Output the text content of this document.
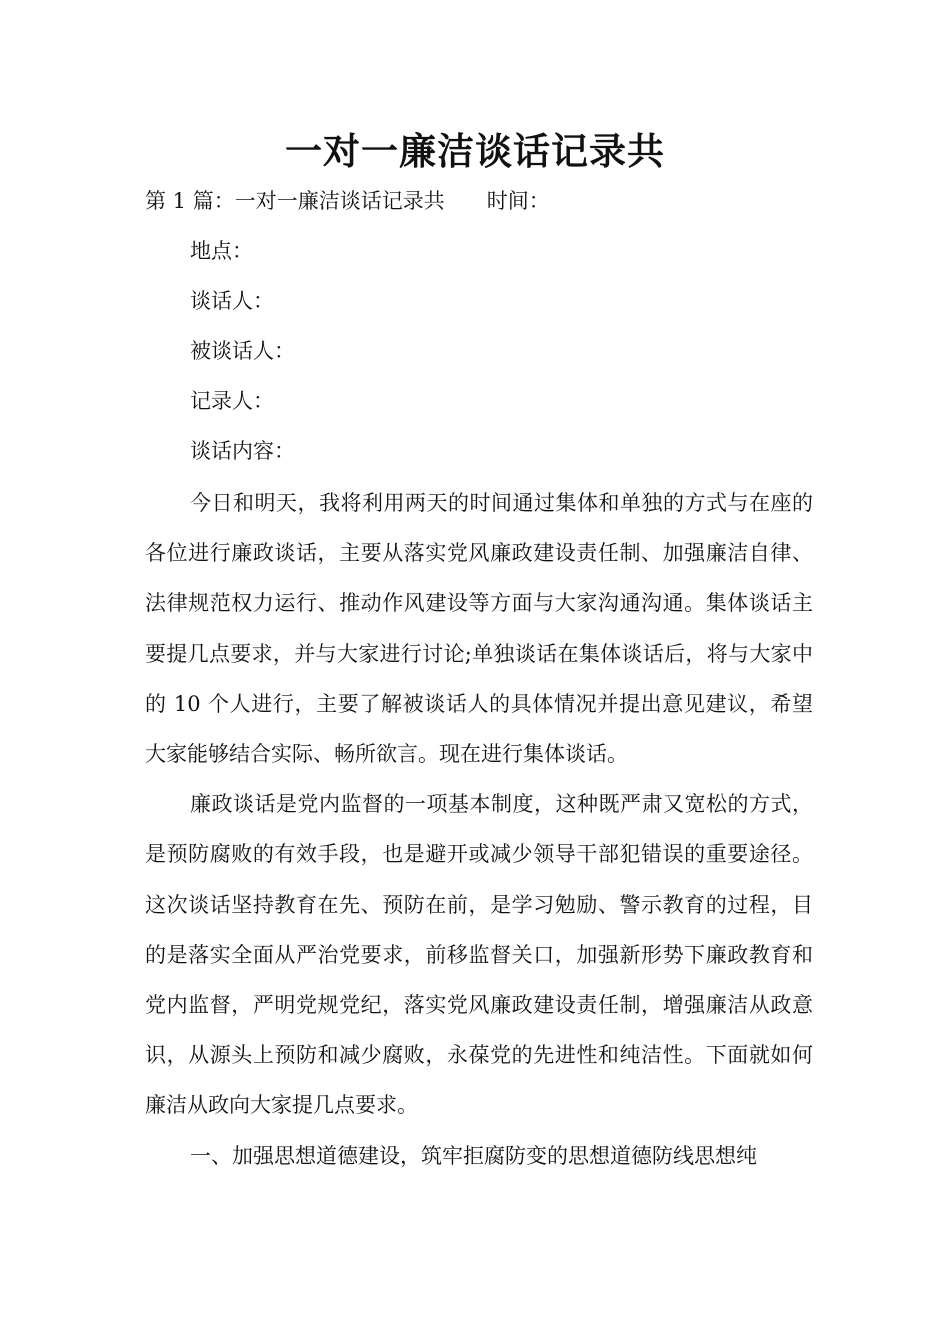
一对一廉洁谈话记录共
第 1 篇：一对一廉洁谈话记录共 时间：
地点：
谈话人：
被谈话人：
记录人：
谈话内容：

今日和明天，我将利用两天的时间通过集体和单独的方式与在座的各位进行廉政谈话，主要从落实党风廉政建设责任制、加强廉洁自律、法律规范权力运行、推动作风建设等方面与大家沟通沟通。集体谈话主要提几点要求，并与大家进行讨论;单独谈话在集体谈话后，将与大家中的 10 个人进行，主要了解被谈话人的具体情况并提出意见建议，希望大家能够结合实际、畅所欲言。现在进行集体谈话。

廉政谈话是党内监督的一项基本制度，这种既严肃又宽松的方式，是预防腐败的有效手段，也是避开或减少领导干部犯错误的重要途径。这次谈话坚持教育在先、预防在前，是学习勉励、警示教育的过程，目的是落实全面从严治党要求，前移监督关口，加强新形势下廉政教育和党内监督，严明党规党纪，落实党风廉政建设责任制，增强廉洁从政意识，从源头上预防和减少腐败，永葆党的先进性和纯洁性。下面就如何廉洁从政向大家提几点要求。

一、加强思想道德建设，筑牢拒腐防变的思想道德防线思想纯
